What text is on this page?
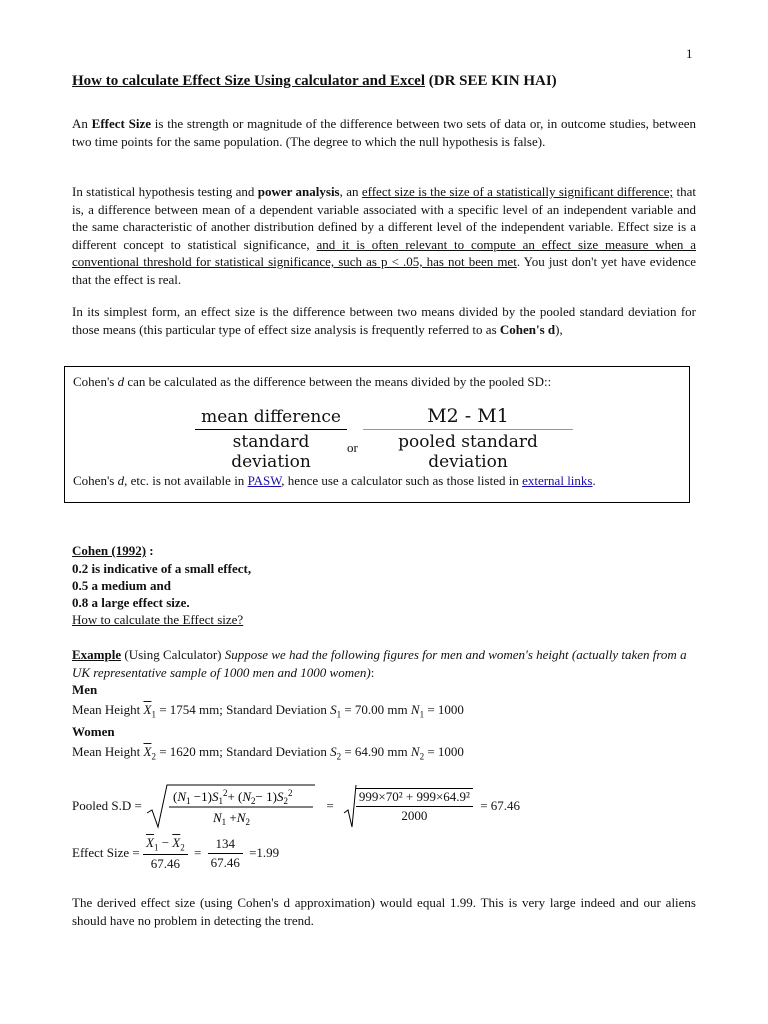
1
How to calculate Effect Size Using calculator and Excel (DR SEE KIN HAI)

An Effect Size is the strength or magnitude of the difference between two sets of data or, in outcome studies, between two time points for the same population. (The degree to which the null hypothesis is false).

In statistical hypothesis testing and power analysis, an effect size is the size of a statistically significant difference; that is, a difference between mean of a dependent variable associated with a specific level of an independent variable and the same characteristic of another distribution defined by a different level of the independent variable. Effect size is a different concept to statistical significance, and it is often relevant to compute an effect size measure when a conventional threshold for statistical significance, such as p < .05, has not been met. You just don't yet have evidence that the effect is real.

In its simplest form, an effect size is the difference between two means divided by the pooled standard deviation for those means (this particular type of effect size analysis is frequently referred to as Cohen's d),

Cohen's d can be calculated as the difference between the means divided by the pooled SD::
mean difference
standard deviation
or
M2 - M1
pooled standard deviation
Cohen's d, etc. is not available in PASW, hence use a calculator such as those listed in external links.
Cohen (1992) :
0.2 is indicative of a small effect,
0.5 a medium and
0.8 a large effect size.
How to calculate the Effect size?

Example (Using Calculator) Suppose we had the following figures for men and women's height (actually taken from a UK representative sample of 1000 men and 1000 women):

Men
Mean Height $\overline{X}_1 = 1754$ mm; Standard Deviation $S_1 = 70.00$ mm $N_1 = 1000$
Women
Mean Height $\overline{X}_2 = 1620$ mm; Standard Deviation $S_2 = 64.90$ mm $N_2 = 1000$
Pooled S.D =
$(N_1 -1)S_1^2+ (N_2- 1)S_2^2$
$N_1 +N_2$
= $\frac{\text{999×70² + 999×64.9²}}{2000} = 67.46$
Effect Size = $\frac{\overline{X}_1 - \overline{X}_2}{67.46} = \frac{134}{67.46} =1.99$

The derived effect size (using Cohen's d approximation) would equal 1.99. This is very large indeed and our aliens should have no problem in detecting the trend.
